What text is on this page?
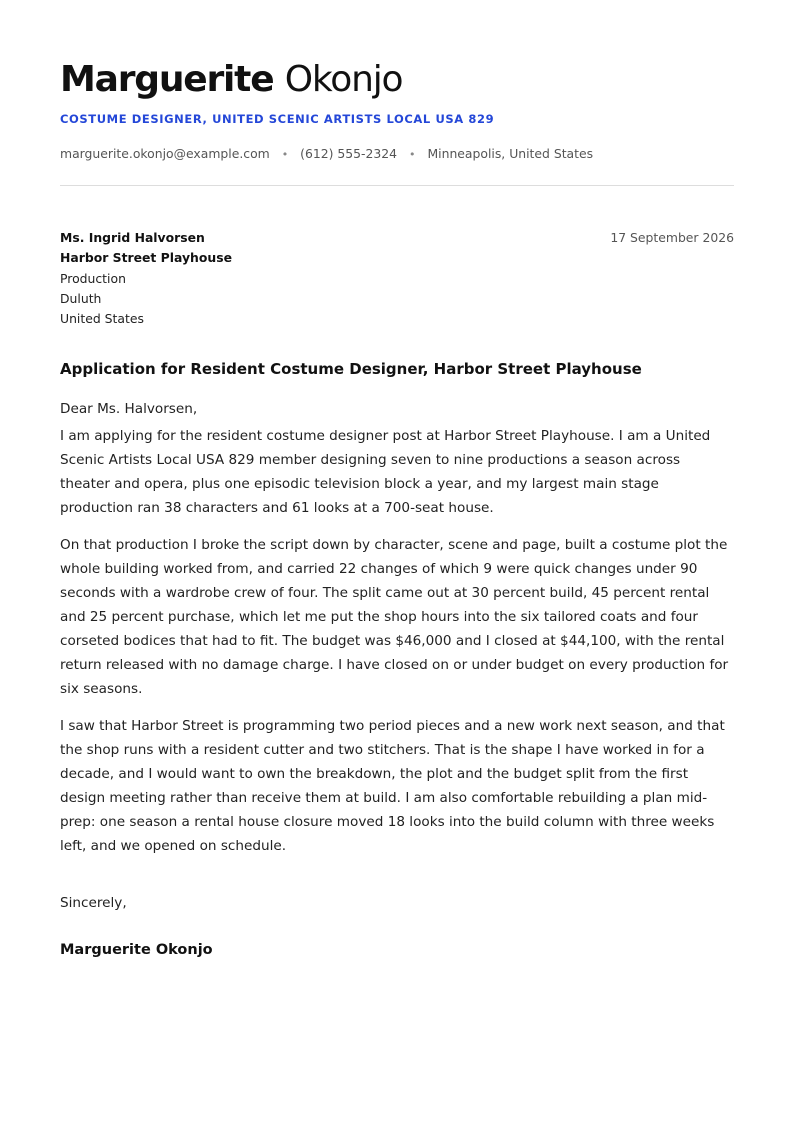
Marguerite Okonjo
COSTUME DESIGNER, UNITED SCENIC ARTISTS LOCAL USA 829
marguerite.okonjo@example.com • (612) 555-2324 • Minneapolis, United States
Ms. Ingrid Halvorsen
Harbor Street Playhouse
Production
Duluth
United States
17 September 2026
Application for Resident Costume Designer, Harbor Street Playhouse
Dear Ms. Halvorsen,

I am applying for the resident costume designer post at Harbor Street Playhouse. I am a United Scenic Artists Local USA 829 member designing seven to nine productions a season across theater and opera, plus one episodic television block a year, and my largest main stage production ran 38 characters and 61 looks at a 700-seat house.

On that production I broke the script down by character, scene and page, built a costume plot the whole building worked from, and carried 22 changes of which 9 were quick changes under 90 seconds with a wardrobe crew of four. The split came out at 30 percent build, 45 percent rental and 25 percent purchase, which let me put the shop hours into the six tailored coats and four corseted bodices that had to fit. The budget was $46,000 and I closed at $44,100, with the rental return released with no damage charge. I have closed on or under budget on every production for six seasons.

I saw that Harbor Street is programming two period pieces and a new work next season, and that the shop runs with a resident cutter and two stitchers. That is the shape I have worked in for a decade, and I would want to own the breakdown, the plot and the budget split from the first design meeting rather than receive them at build. I am also comfortable rebuilding a plan mid-prep: one season a rental house closure moved 18 looks into the build column with three weeks left, and we opened on schedule.

Sincerely,
Marguerite Okonjo
